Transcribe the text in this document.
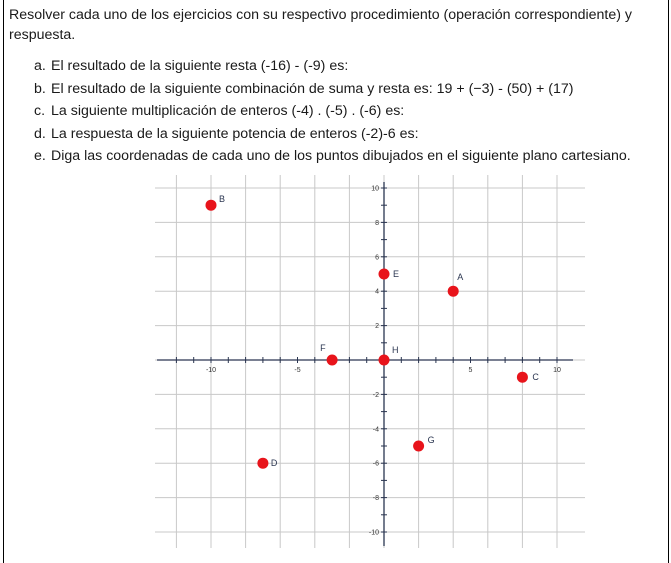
Resolver cada uno de los ejercicios con su respectivo procedimiento (operación correspondiente) y respuesta.
a. El resultado de la siguiente resta (-16) - (-9) es:
b. El resultado de la siguiente combinación de suma y resta es: 19 + (−3) - (50) + (17)
c. La siguiente multiplicación de enteros (-4) . (-5) . (-6) es:
d. La respuesta de la siguiente potencia de enteros (-2)-6 es:
e. Diga las coordenadas de cada uno de los puntos dibujados en el siguiente plano cartesiano.
-10	-5	5	10
10
8
6
4
2
-2
-4
-6
-8
-10
B
E	A
F	H
C
G
D
